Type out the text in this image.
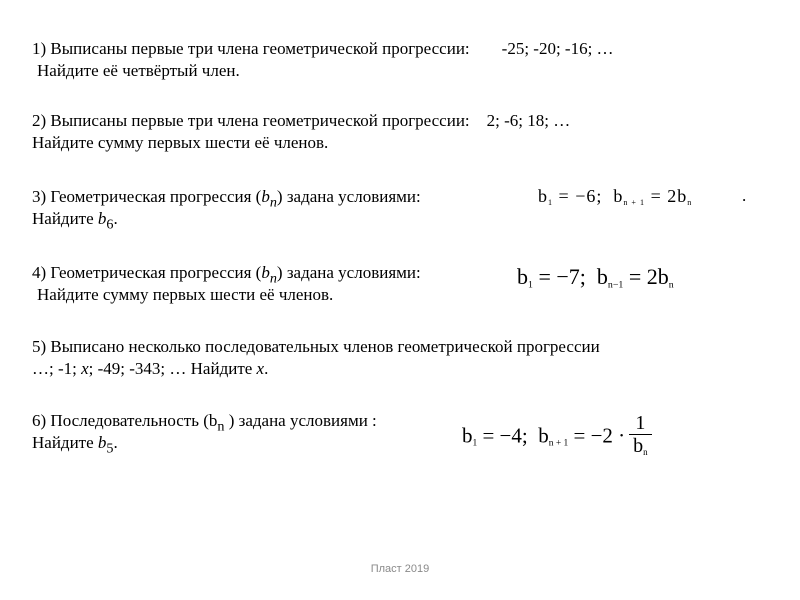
1) Выписаны первые три члена геометрической прогрессии: -25; -20; -16; …
Найдите её четвёртый член.
2) Выписаны первые три члена геометрической прогрессии: 2; -6; 18; …
Найдите сумму первых шести её членов.
3) Геометрическая прогрессия $(b_n)$ задана условиями:
Найдите $b_6$.
$b_1 = -6$; $b_{n + 1} = 2b_n$	.
4) Геометрическая прогрессия $(b_n)$ задана условиями:
Найдите сумму первых шести её членов.
$b_1 = -7$; $b_{n-1} = 2b_n$
5) Выписано несколько последовательных членов геометрической прогрессии
…; -1; x; -49; -343; … Найдите x.
6) Последовательность ($b_n$ ) задана условиями :
Найдите $b_5$.	$b_1 = -4$; $b_{n + 1} = -2 \cdot \frac{1}{b_n}$
Пласт 2019
